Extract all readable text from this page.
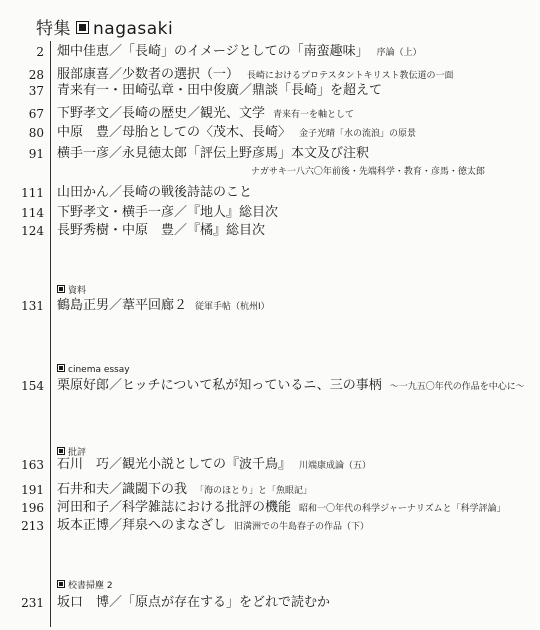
特集 nagasaki
2 畑中佳恵／「長崎」のイメージとしての「南蛮趣味」 序論（上）
28 服部康喜／少数者の選択（一） 長崎におけるプロテスタントキリスト教伝道の一面
37 青来有一・田崎弘章・田中俊廣／鼎談「長崎」を超えて
67 下野孝文／長崎の歴史／観光、文学 青来有一を軸として
80 中原　豊／母胎としての〈茂木、長崎〉 金子光晴「水の流浪」の原景
91 横手一彦／永見徳太郎「評伝上野彦馬」本文及び注釈
ナガサキ一八六〇年前後・先端科学・教育・彦馬・徳太郎
111 山田かん／長崎の戦後詩誌のこと
114 下野孝文・横手一彦／『地人』総目次
124 長野秀樹・中原　豊／『橘』総目次
資料
131 鶴島正男／葦平回廊２ 従軍手帖（杭州Ⅰ）
cinema essay
154 栗原好郎／ヒッチについて私が知っているニ、三の事柄 〜一九五〇年代の作品を中心に〜
批評
163 石川　巧／観光小説としての『波千鳥』 川端康成論（五）
191 石井和夫／識閾下の我 「海のほとり」と「魚眼記」
196 河田和子／科学雑誌における批評の機能 昭和一〇年代の科学ジャーナリズムと「科学評論」
213 坂本正博／拜泉へのまなざし 旧満洲での牛島春子の作品（下）
校書掃塵 2
231 坂口　博／「原点が存在する」をどれで読むか
